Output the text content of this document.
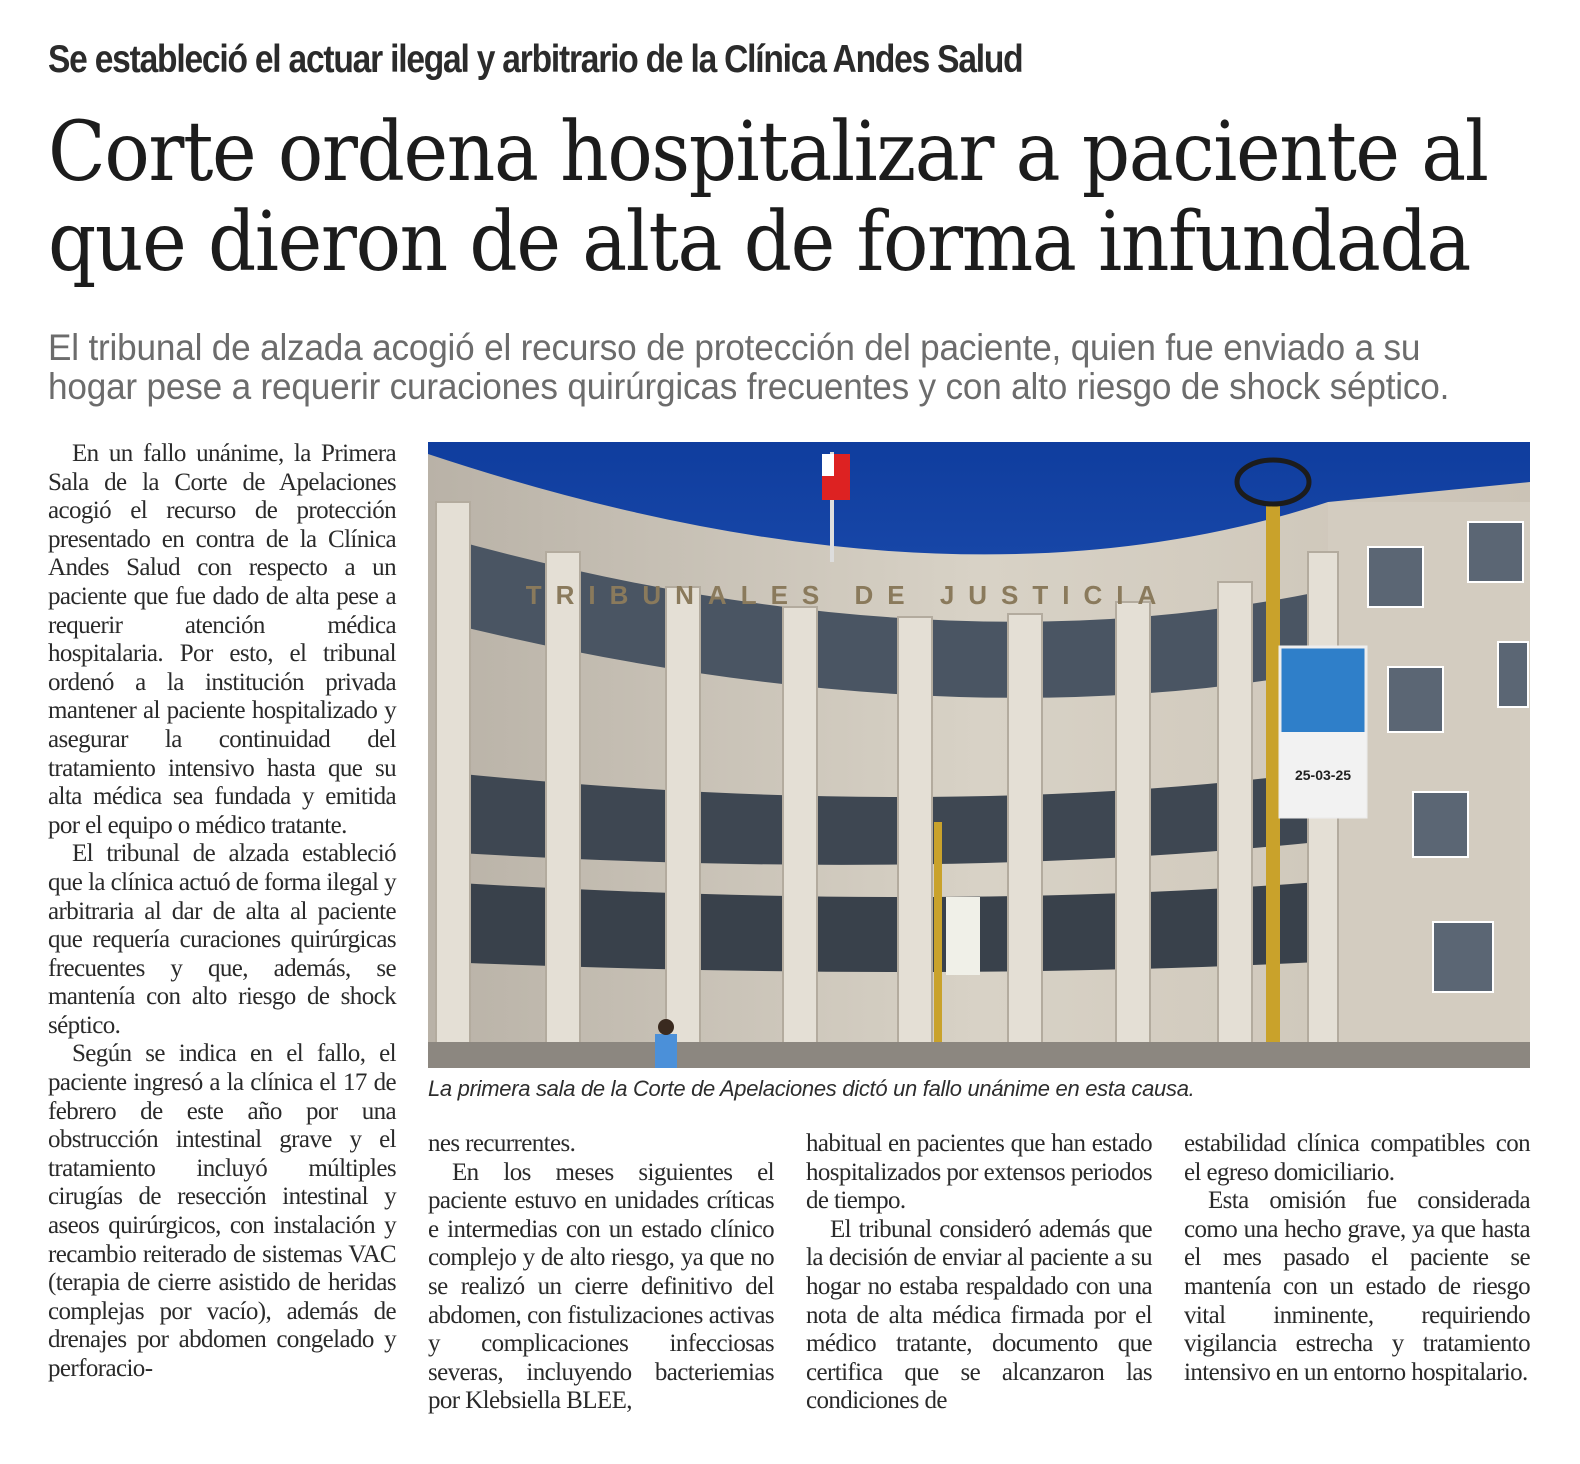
Se estableció el actuar ilegal y arbitrario de la Clínica Andes Salud
Corte ordena hospitalizar a paciente al
que dieron de alta de forma infundada
El tribunal de alzada acogió el recurso de protección del paciente, quien fue enviado a su
hogar pese a requerir curaciones quirúrgicas frecuentes y con alto riesgo de shock séptico.

En un fallo unánime, la Primera Sala de la Corte de Apelaciones acogió el recurso de protección presentado en contra de la Clínica Andes Salud con respecto a un paciente que fue dado de alta pese a requerir atención médica hospitalaria. Por esto, el tribunal ordenó a la institución privada mantener al paciente hospitalizado y asegurar la continuidad del tratamiento intensivo hasta que su alta médica sea fundada y emitida por el equipo o médico tratante.

El tribunal de alzada estableció que la clínica actuó de forma ilegal y arbitraria al dar de alta al paciente que requería curaciones quirúrgicas frecuentes y que, además, se mantenía con alto riesgo de shock séptico.

Según se indica en el fallo, el paciente ingresó a la clínica el 17 de febrero de este año por una obstrucción intestinal grave y el tratamiento incluyó múltiples cirugías de resección intestinal y aseos quirúrgicos, con instalación y recambio reiterado de sistemas VAC (terapia de cierre asistido de heridas complejas por vacío), además de drenajes por abdomen congelado y perforacio-

TRIBUNALES DE JUSTICIA
25-03-25
La primera sala de la Corte de Apelaciones dictó un fallo unánime en esta causa.

nes recurrentes.

En los meses siguientes el paciente estuvo en unidades críticas e intermedias con un estado clínico complejo y de alto riesgo, ya que no se realizó un cierre definitivo del abdomen, con fistulizaciones activas y complicaciones infecciosas severas, incluyendo bacteriemias por Klebsiella BLEE,

habitual en pacientes que han estado hospitalizados por extensos periodos de tiempo.

El tribunal consideró además que la decisión de enviar al paciente a su hogar no estaba respaldado con una nota de alta médica firmada por el médico tratante, documento que certifica que se alcanzaron las condiciones de

estabilidad clínica compatibles con el egreso domiciliario.

Esta omisión fue considerada como una hecho grave, ya que hasta el mes pasado el paciente se mantenía con un estado de riesgo vital inminente, requiriendo vigilancia estrecha y tratamiento intensivo en un entorno hospitalario.
